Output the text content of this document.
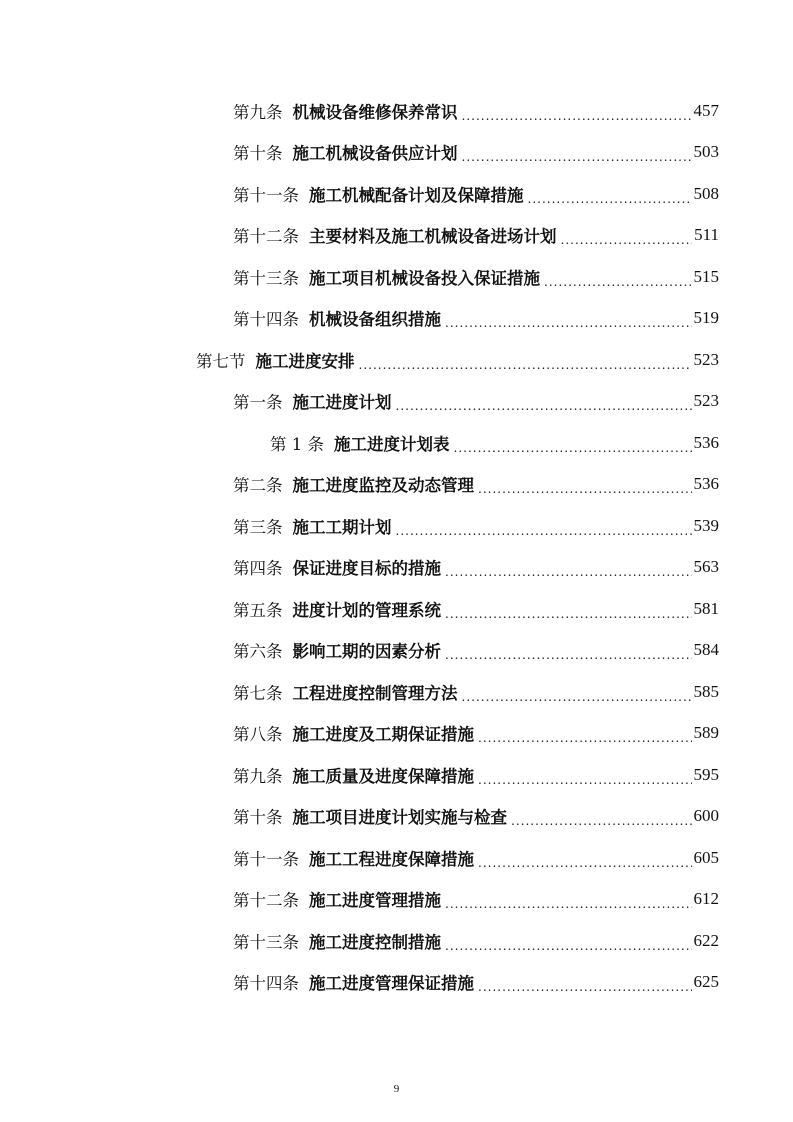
第九条 机械设备维修保养常识 .....	457
第十条 施工机械设备供应计划 .....	503
第十一条 施工机械配备计划及保障措施 .....	508
第十二条 主要材料及施工机械设备进场计划 .....	511
第十三条 施工项目机械设备投入保证措施 .....	515
第十四条 机械设备组织措施 .....	519
第七节 施工进度安排 .....	523
第一条 施工进度计划 .....	523
第 1 条 施工进度计划表 .....	536
第二条 施工进度监控及动态管理 .....	536
第三条 施工工期计划 .....	539
第四条 保证进度目标的措施 .....	563
第五条 进度计划的管理系统 .....	581
第六条 影响工期的因素分析 .....	584
第七条 工程进度控制管理方法 .....	585
第八条 施工进度及工期保证措施 .....	589
第九条 施工质量及进度保障措施 .....	595
第十条 施工项目进度计划实施与检查 .....	600
第十一条 施工工程进度保障措施 .....	605
第十二条 施工进度管理措施 .....	612
第十三条 施工进度控制措施 .....	622
第十四条 施工进度管理保证措施 .....	625
9
